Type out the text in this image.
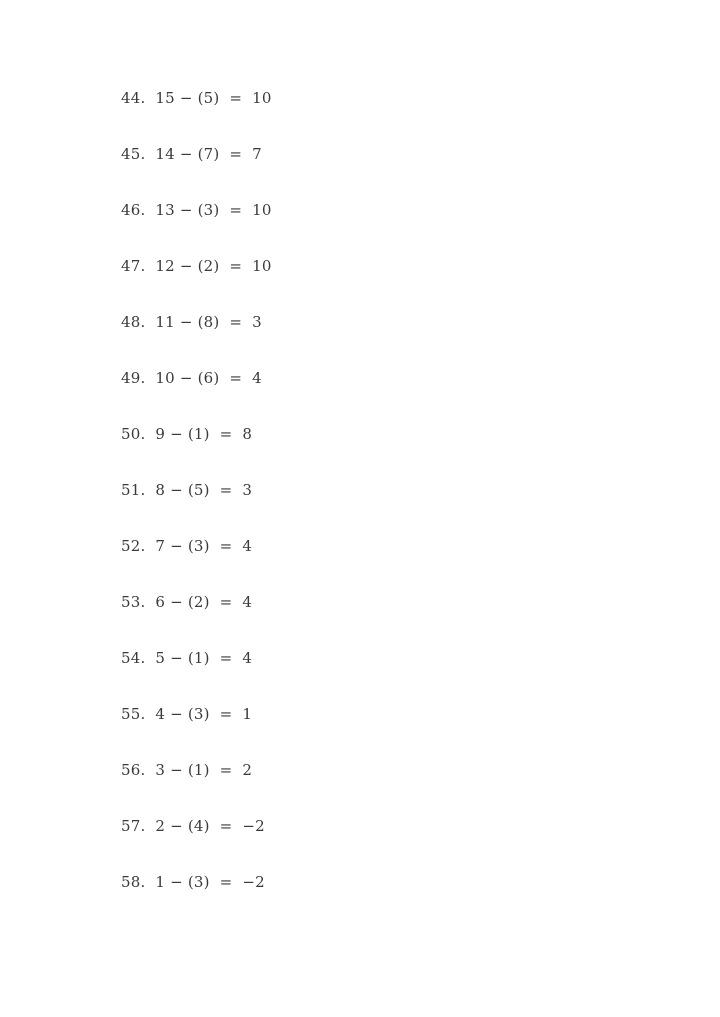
44.  15 − (5)  =  10
45.  14 − (7)  =  7
46.  13 − (3)  =  10
47.  12 − (2)  =  10
48.  11 − (8)  =  3
49.  10 − (6)  =  4
50.  9 − (1)  =  8
51.  8 − (5)  =  3
52.  7 − (3)  =  4
53.  6 − (2)  =  4
54.  5 − (1)  =  4
55.  4 − (3)  =  1
56.  3 − (1)  =  2
57.  2 − (4)  =  −2
58.  1 − (3)  =  −2
